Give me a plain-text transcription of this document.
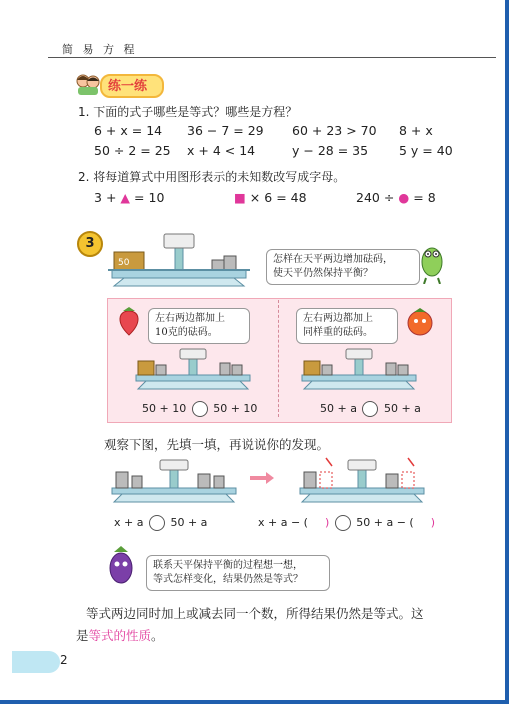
简 易 方 程
练一练
1. 下面的式子哪些是等式？哪些是方程？
6 + x = 14 36 − 7 = 29 60 + 23 > 70 8 + x
50 ÷ 2 = 25 x + 4 < 14	y − 28 = 35 5 y = 40
2. 将每道算式中用图形表示的未知数改写成字母。
3 + ▲ = 10	■ × 6 = 48	240 ÷ ● = 8
3
50	怎样在天平两边增加砝码，
使天平仍然保持平衡？
左右两边都加上
10克的砝码。
50 + 10 50 + 10
左右两边都加上
同样重的砝码。
50 + a 50 + a
观察下图，先填一填，再说说你的发现。
x + a 50 + a	x + a − ( ) 50 + a − ( )
联系天平保持平衡的过程想一想，
等式怎样变化，结果仍然是等式？
等式两边同时加上或减去同一个数，所得结果仍然是等式。这
是等式的性质。
2
